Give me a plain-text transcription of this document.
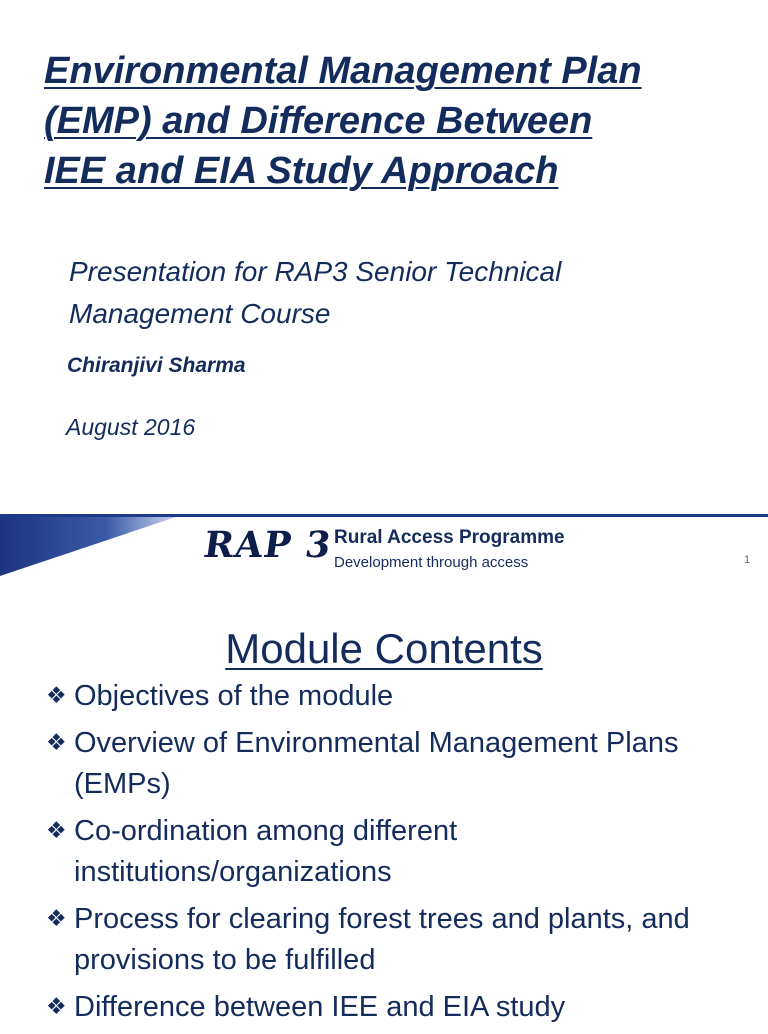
Environmental Management Plan
(EMP) and Difference Between
IEE and EIA Study Approach

Presentation for RAP3 Senior Technical Management Course

Chiranjivi Sharma

August 2016

RAP 3 Rural Access Programme
Development through access	1
Module Contents
❖ Objectives of the module
❖ Overview of Environmental Management Plans (EMPs)
❖ Co-ordination among different institutions/organizations
❖ Process for clearing forest trees and plants, and provisions to be fulfilled
❖ Difference between IEE and EIA study
